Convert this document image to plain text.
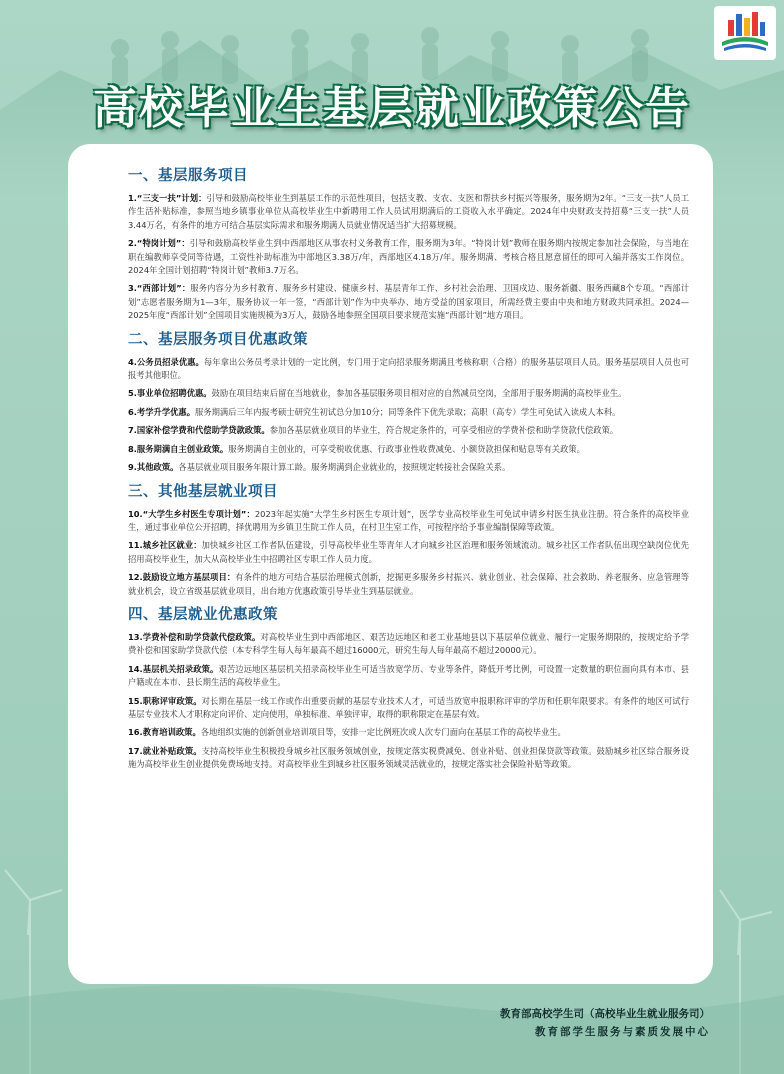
高校毕业生基层就业政策公告
一、基层服务项目

1.“三支一扶”计划：引导和鼓励高校毕业生到基层工作的示范性项目，包括支教、支农、支医和帮扶乡村振兴等服务，服务期为2年。“三支一扶”人员工作生活补贴标准，参照当地乡镇事业单位从高校毕业生中新聘用工作人员试用期满后的工资收入水平确定。2024年中央财政支持招募“三支一扶”人员3.44万名，有条件的地方可结合基层实际需求和服务期满人员就业情况适当扩大招募规模。

2.“特岗计划”：引导和鼓励高校毕业生到中西部地区从事农村义务教育工作，服务期为3年。“特岗计划”教师在服务期内按规定参加社会保险，与当地在职在编教师享受同等待遇，工资性补助标准为中部地区3.38万/年，西部地区4.18万/年。服务期满、考核合格且愿意留任的即可入编并落实工作岗位。2024年全国计划招聘“特岗计划”教师3.7万名。

3.“西部计划”：服务内容分为乡村教育、服务乡村建设、健康乡村、基层青年工作、乡村社会治理、卫国戍边、服务新疆、服务西藏8个专项。“西部计划”志愿者服务期为1—3年，服务协议一年一签，“西部计划”作为中央举办、地方受益的国家项目，所需经费主要由中央和地方财政共同承担。2024—2025年度“西部计划”全国项目实施规模为3万人，鼓励各地参照全国项目要求规范实施“西部计划”地方项目。

二、基层服务项目优惠政策

4.公务员招录优惠。每年拿出公务员考录计划的一定比例，专门用于定向招录服务期满且考核称职（合格）的服务基层项目人员。服务基层项目人员也可报考其他职位。

5.事业单位招聘优惠。鼓励在项目结束后留在当地就业，参加各基层服务项目相对应的自然减员空岗，全部用于服务期满的高校毕业生。

6.考学升学优惠。服务期满后三年内报考硕士研究生初试总分加10分；同等条件下优先录取；高职（高专）学生可免试入读成人本科。

7.国家补偿学费和代偿助学贷款政策。参加各基层就业项目的毕业生，符合规定条件的，可享受相应的学费补偿和助学贷款代偿政策。

8.服务期满自主创业政策。服务期满自主创业的，可享受税收优惠、行政事业性收费减免、小额贷款担保和贴息等有关政策。

9.其他政策。各基层就业项目服务年限计算工龄。服务期满到企业就业的，按照规定转接社会保险关系。

三、其他基层就业项目

10.“大学生乡村医生专项计划”：2023年起实施“大学生乡村医生专项计划”，医学专业高校毕业生可免试申请乡村医生执业注册。符合条件的高校毕业生，通过事业单位公开招聘，择优聘用为乡镇卫生院工作人员，在村卫生室工作，可按程序给予事业编制保障等政策。

11.城乡社区就业：加快城乡社区工作者队伍建设，引导高校毕业生等青年人才向城乡社区治理和服务领域流动。城乡社区工作者队伍出现空缺岗位优先招用高校毕业生，加大从高校毕业生中招聘社区专职工作人员力度。

12.鼓励设立地方基层项目：有条件的地方可结合基层治理模式创新，挖掘更多服务乡村振兴、就业创业、社会保障、社会救助、养老服务、应急管理等就业机会，设立省级基层就业项目，出台地方优惠政策引导毕业生到基层就业。

四、基层就业优惠政策

13.学费补偿和助学贷款代偿政策。对高校毕业生到中西部地区、艰苦边远地区和老工业基地县以下基层单位就业、履行一定服务期限的，按规定给予学费补偿和国家助学贷款代偿（本专科学生每人每年最高不超过16000元，研究生每人每年最高不超过20000元）。

14.基层机关招录政策。艰苦边远地区基层机关招录高校毕业生可适当放宽学历、专业等条件，降低开考比例，可设置一定数量的职位面向具有本市、县户籍或在本市、县长期生活的高校毕业生。

15.职称评审政策。对长期在基层一线工作或作出重要贡献的基层专业技术人才，可适当放宽申报职称评审的学历和任职年限要求。有条件的地区可试行基层专业技术人才职称定向评价、定向使用，单独标准、单独评审，取得的职称限定在基层有效。

16.教育培训政策。各地组织实施的创新创业培训项目等，安排一定比例班次或人次专门面向在基层工作的高校毕业生。

17.就业补贴政策。支持高校毕业生积极投身城乡社区服务领域创业，按规定落实税费减免、创业补贴、创业担保贷款等政策。鼓励城乡社区综合服务设施为高校毕业生创业提供免费场地支持。对高校毕业生到城乡社区服务领域灵活就业的，按规定落实社会保险补贴等政策。

教育部高校学生司（高校毕业生就业服务司）
教育部学生服务与素质发展中心
